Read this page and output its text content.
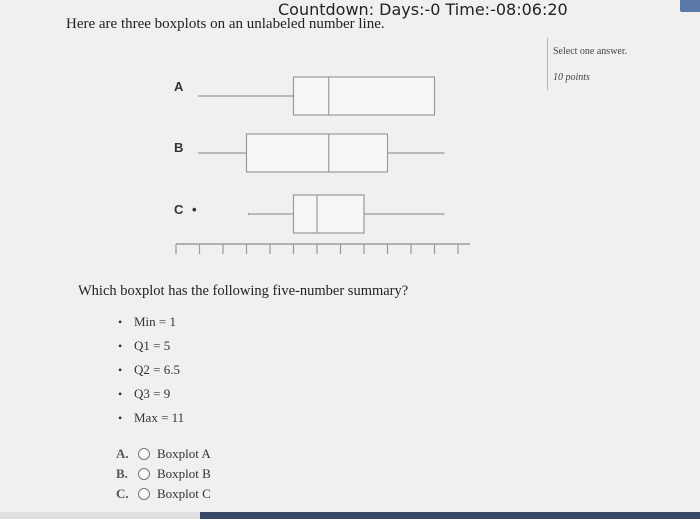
Countdown: Days:-0 Time:-08:06:20
Here are three boxplots on an unlabeled number line.
Select one answer.
10 points
A
B
C •
Which boxplot has the following five-number summary?
• Min = 1
• Q1 = 5
• Q2 = 6.5
• Q3 = 9
• Max = 11
A.	Boxplot A
B.	Boxplot B
C.	Boxplot C
